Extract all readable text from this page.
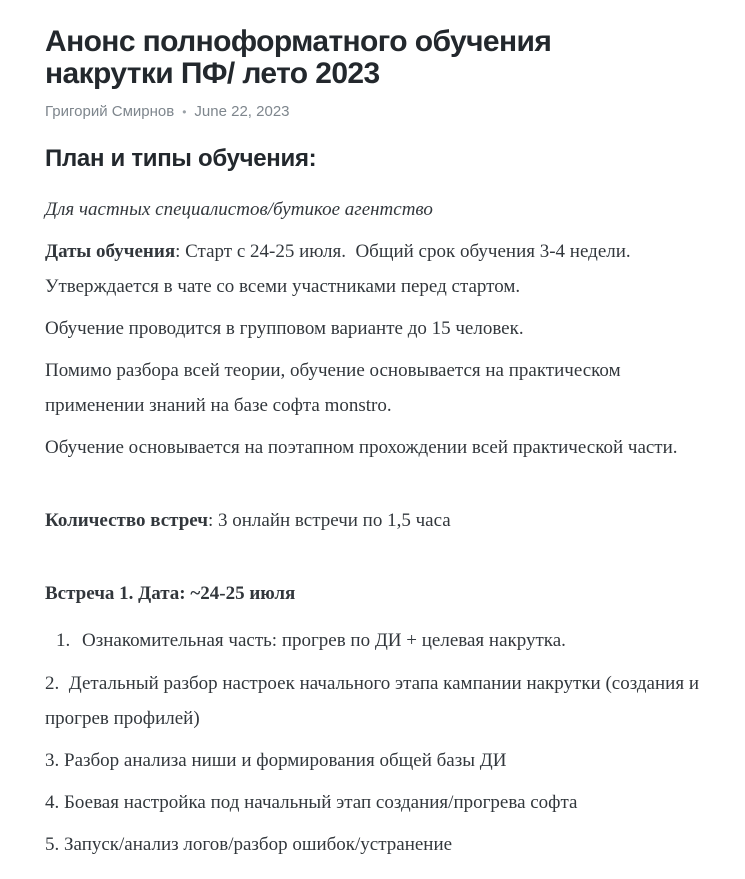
Анонс полноформатного обучения
накрутки ПФ/ лето 2023
Григорий Смирнов • June 22, 2023
План и типы обучения:

Для частных специалистов/бутикое агентство

Даты обучения: Старт с 24-25 июля.  Общий срок обучения 3-4 недели. Утверждается в чате со всеми участниками перед стартом.

Обучение проводится в групповом варианте до 15 человек.

Помимо разбора всей теории, обучение основывается на практическом применении знаний на базе софта monstro.

Обучение основывается на поэтапном прохождении всей практической части.

Количество встреч: 3 онлайн встречи по 1,5 часа

Встреча 1. Дата: ~24-25 июля

1. Ознакомительная часть: прогрев по ДИ + целевая накрутка.

2.  Детальный разбор настроек начального этапа кампании накрутки (создания и прогрев профилей)

3. Разбор анализа ниши и формирования общей базы ДИ

4. Боевая настройка под начальный этап создания/прогрева софта

5. Запуск/анализ логов/разбор ошибок/устранение
